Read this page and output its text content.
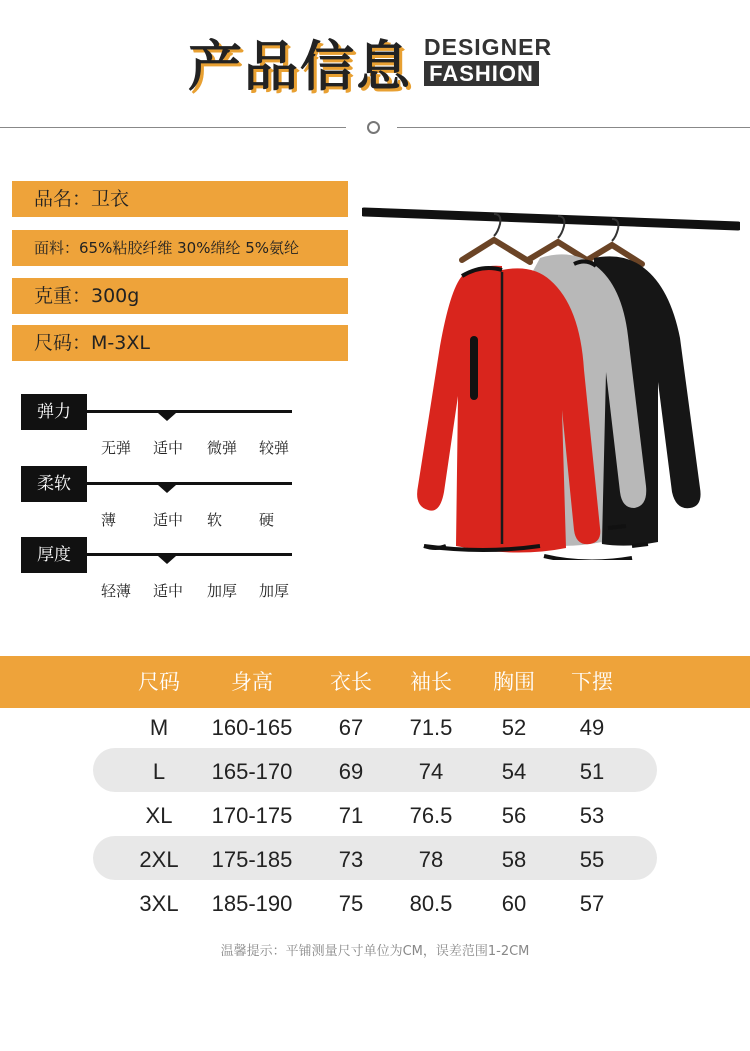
产品信息 DESIGNER
FASHION
品名：卫衣
面料：65%粘胶纤维 30%绵纶 5%氨纶
克重：300g
尺码：M-3XL
弹力
无弹 适中 微弹 较弹
柔软
薄 适中 软 硬
厚度
轻薄 适中 加厚 加厚
尺码	身高	衣长	袖长	胸围	下摆
M	160-165	67	71.5	52	49
L	165-170	69	74	54	51
XL	170-175	71	76.5	56	53
2XL	175-185	73	78	58	55
3XL	185-190	75	80.5	60	57
温馨提示：平铺测量尺寸单位为CM，误差范围1-2CM
